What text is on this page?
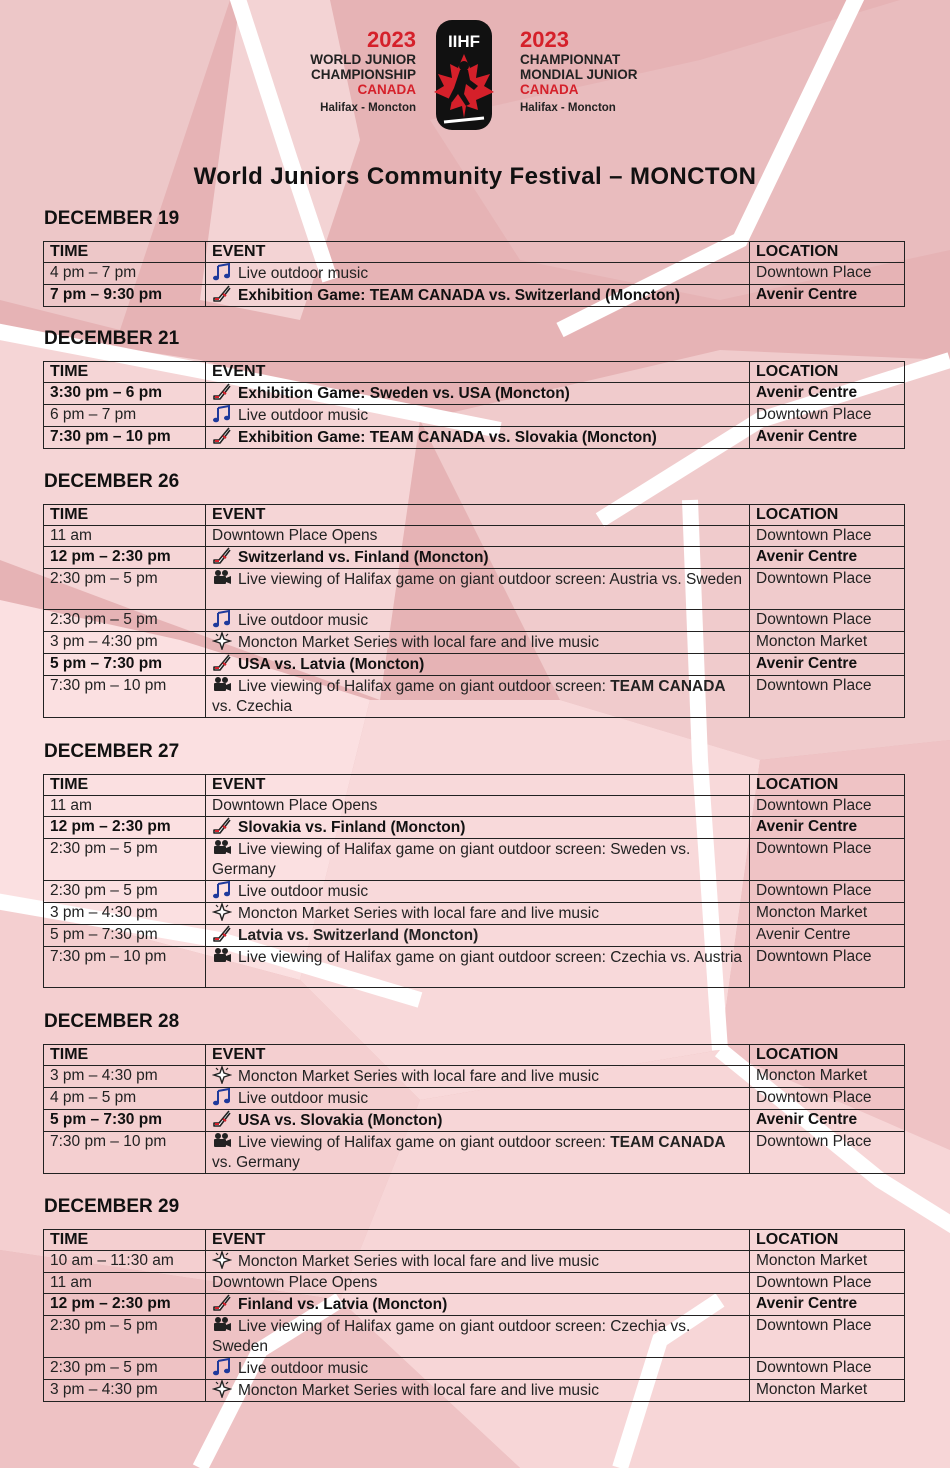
2023
WORLD JUNIOR
CHAMPIONSHIP
CANADA
Halifax - Moncton
IIHF 2023
CHAMPIONNAT
MONDIAL JUNIOR
CANADA
Halifax - Moncton
World Juniors Community Festival – MONCTON
DECEMBER 19
TIME	EVENT	LOCATION
4 pm – 7 pm	Live outdoor music	Downtown Place
7 pm – 9:30 pm	Exhibition Game: TEAM CANADA vs. Switzerland (Moncton)	Avenir Centre
DECEMBER 21
TIME	EVENT	LOCATION
3:30 pm – 6 pm	Exhibition Game: Sweden vs. USA (Moncton)	Avenir Centre
6 pm – 7 pm	Live outdoor music	Downtown Place
7:30 pm – 10 pm	Exhibition Game: TEAM CANADA vs. Slovakia (Moncton)	Avenir Centre
DECEMBER 26
TIME	EVENT	LOCATION
11 am	Downtown Place Opens	Downtown Place
12 pm – 2:30 pm	Switzerland vs. Finland (Moncton)	Avenir Centre
2:30 pm – 5 pm	Live viewing of Halifax game on giant outdoor screen: Austria vs. Sweden	Downtown Place
2:30 pm – 5 pm	Live outdoor music	Downtown Place
3 pm – 4:30 pm	Moncton Market Series with local fare and live music	Moncton Market
5 pm – 7:30 pm	USA vs. Latvia (Moncton)	Avenir Centre
7:30 pm – 10 pm	Live viewing of Halifax game on giant outdoor screen: TEAM CANADA vs. Czechia	Downtown Place
DECEMBER 27
TIME	EVENT	LOCATION
11 am	Downtown Place Opens	Downtown Place
12 pm – 2:30 pm	Slovakia vs. Finland (Moncton)	Avenir Centre
2:30 pm – 5 pm	Live viewing of Halifax game on giant outdoor screen: Sweden vs. Germany	Downtown Place
2:30 pm – 5 pm	Live outdoor music	Downtown Place
3 pm – 4:30 pm	Moncton Market Series with local fare and live music	Moncton Market
5 pm – 7:30 pm	Latvia vs. Switzerland (Moncton)	Avenir Centre
7:30 pm – 10 pm	Live viewing of Halifax game on giant outdoor screen: Czechia vs. Austria	Downtown Place
DECEMBER 28
TIME	EVENT	LOCATION
3 pm – 4:30 pm	Moncton Market Series with local fare and live music	Moncton Market
4 pm – 5 pm	Live outdoor music	Downtown Place
5 pm – 7:30 pm	USA vs. Slovakia (Moncton)	Avenir Centre
7:30 pm – 10 pm	Live viewing of Halifax game on giant outdoor screen: TEAM CANADA vs. Germany	Downtown Place
DECEMBER 29
TIME	EVENT	LOCATION
10 am – 11:30 am	Moncton Market Series with local fare and live music	Moncton Market
11 am	Downtown Place Opens	Downtown Place
12 pm – 2:30 pm	Finland vs. Latvia (Moncton)	Avenir Centre
2:30 pm – 5 pm	Live viewing of Halifax game on giant outdoor screen: Czechia vs. Sweden	Downtown Place
2:30 pm – 5 pm	Live outdoor music	Downtown Place
3 pm – 4:30 pm	Moncton Market Series with local fare and live music	Moncton Market
